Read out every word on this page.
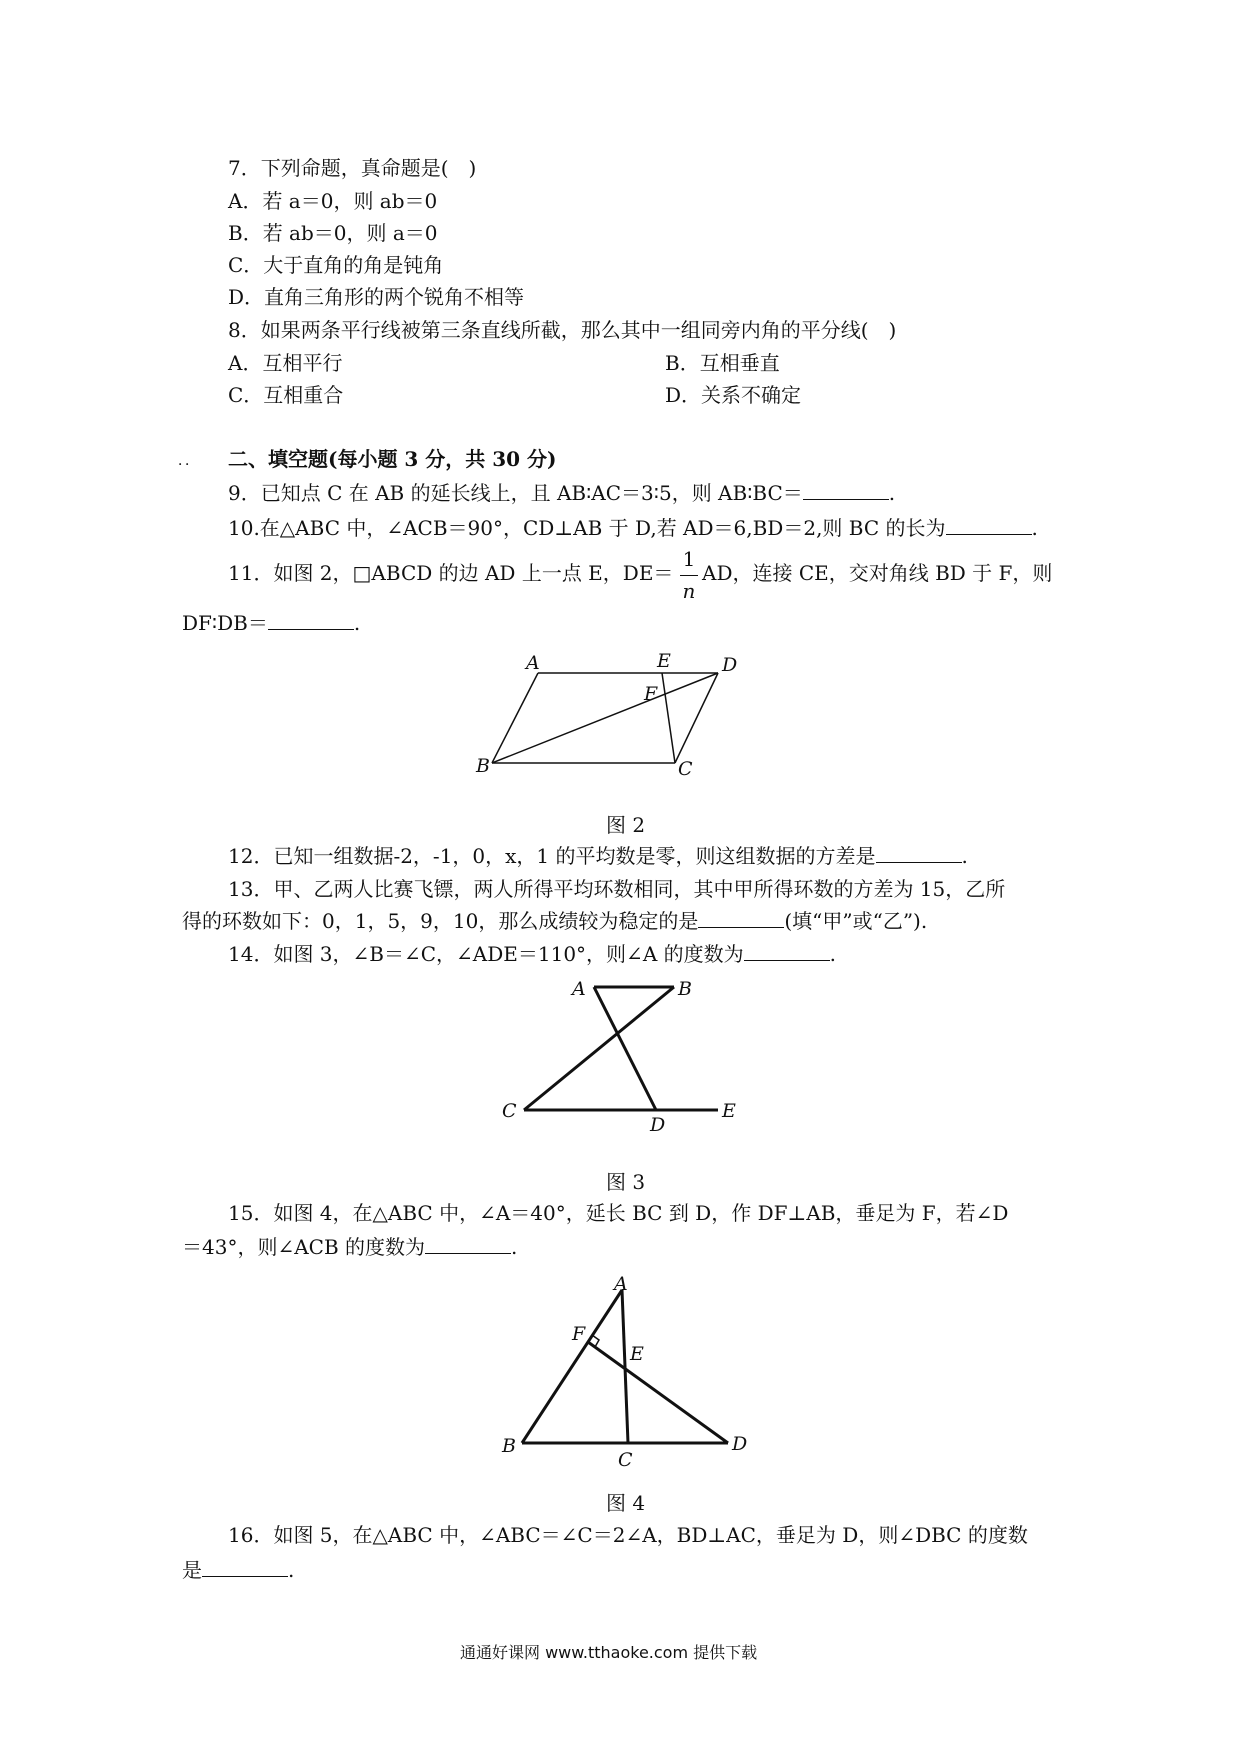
7．下列命题，真命题是(　)
A．若 a＝0，则 ab＝0
B．若 ab＝0，则 a＝0
C．大于直角的角是钝角
D．直角三角形的两个锐角不相等
8．如果两条平行线被第三条直线所截，那么其中一组同旁内角的平分线(　)
A．互相平行	B．互相垂直
C．互相重合	D．关系不确定
．． 二、填空题(每小题 3 分，共 30 分)
9．已知点 C 在 AB 的延长线上，且 AB∶AC＝3∶5，则 AB∶BC＝	.
10.在△ABC 中，∠ACB＝90°，CD⊥AB 于 D,若 AD＝6,BD＝2,则 BC 的长为	.
11．如图 2，□ABCD 的边 AD 上一点 E，DE＝
1
n
AD，连接 CE，交对角线 BD 于 F，则
DF∶DB＝	.
A	E	D
F
B	C
图 2
12．已知一组数据-2，-1，0，x，1 的平均数是零，则这组数据的方差是	.
13．甲、乙两人比赛飞镖，两人所得平均环数相同，其中甲所得环数的方差为 15，乙所
得的环数如下：0，1，5，9，10，那么成绩较为稳定的是	(填“甲”或“乙”).
14．如图 3，∠B＝∠C，∠ADE＝110°，则∠A 的度数为	.
A	B
C
D
E
图 3
15．如图 4，在△ABC 中，∠A＝40°，延长 BC 到 D，作 DF⊥AB，垂足为 F，若∠D
＝43°，则∠ACB 的度数为	.
A
F
E
B
C
D
图 4
16．如图 5，在△ABC 中，∠ABC＝∠C＝2∠A，BD⊥AC，垂足为 D，则∠DBC 的度数
是	.
通通好课网 www.tthaoke.com 提供下载
